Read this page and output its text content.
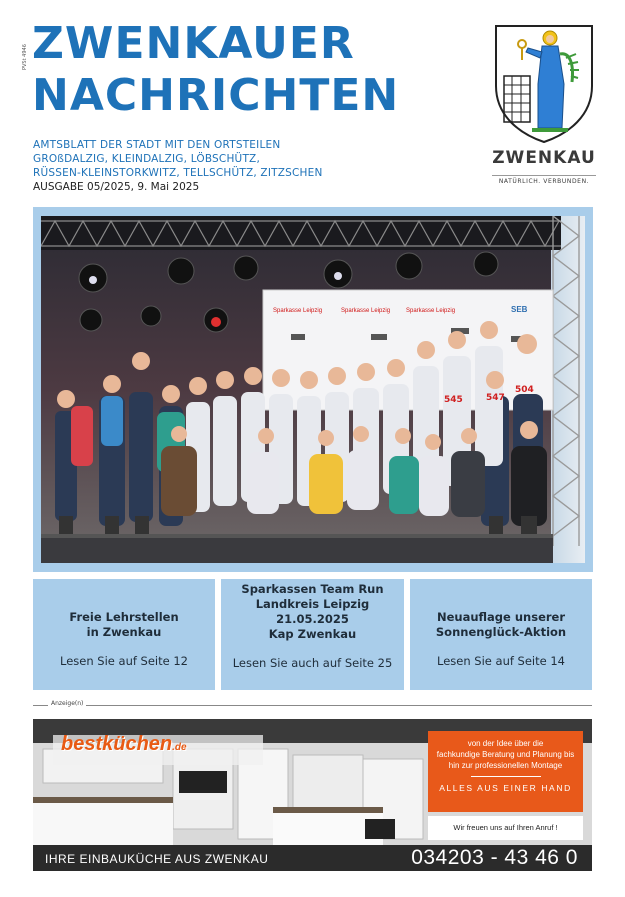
PVSt 4946 ZWENKAUER
NACHRICHTEN
AMTSBLATT DER STADT MIT DEN ORTSTEILEN
GROßDALZIG, KLEINDALZIG, LÖBSCHÜTZ,
RÜSSEN-KLEINSTORKWITZ, TELLSCHÜTZ, ZITZSCHEN
AUSGABE 05/2025, 9. Mai 2025
ZWENKAU
NATÜRLICH. VERBUNDEN.
Sparkasse Leipzig	Sparkasse Leipzig	Sparkasse Leipzig	SEB
545	547
504
Freie Lehrstellen
in Zwenkau
Lesen Sie auf Seite 12
Sparkassen Team Run
Landkreis Leipzig
21.05.2025
Kap Zwenkau
Lesen Sie auch auf Seite 25
Neuauflage unserer
Sonnenglück-Aktion
Lesen Sie auf Seite 14
Anzeige(n)
bestküchen.de	von der Idee über die
fachkundige Beratung und Planung bis
hin zur professionellen Montage
ALLES AUS EINER HAND
Wir freuen uns auf Ihren Anruf !
IHRE EINBAUKÜCHE AUS ZWENKAU	034203 - 43 46 0
